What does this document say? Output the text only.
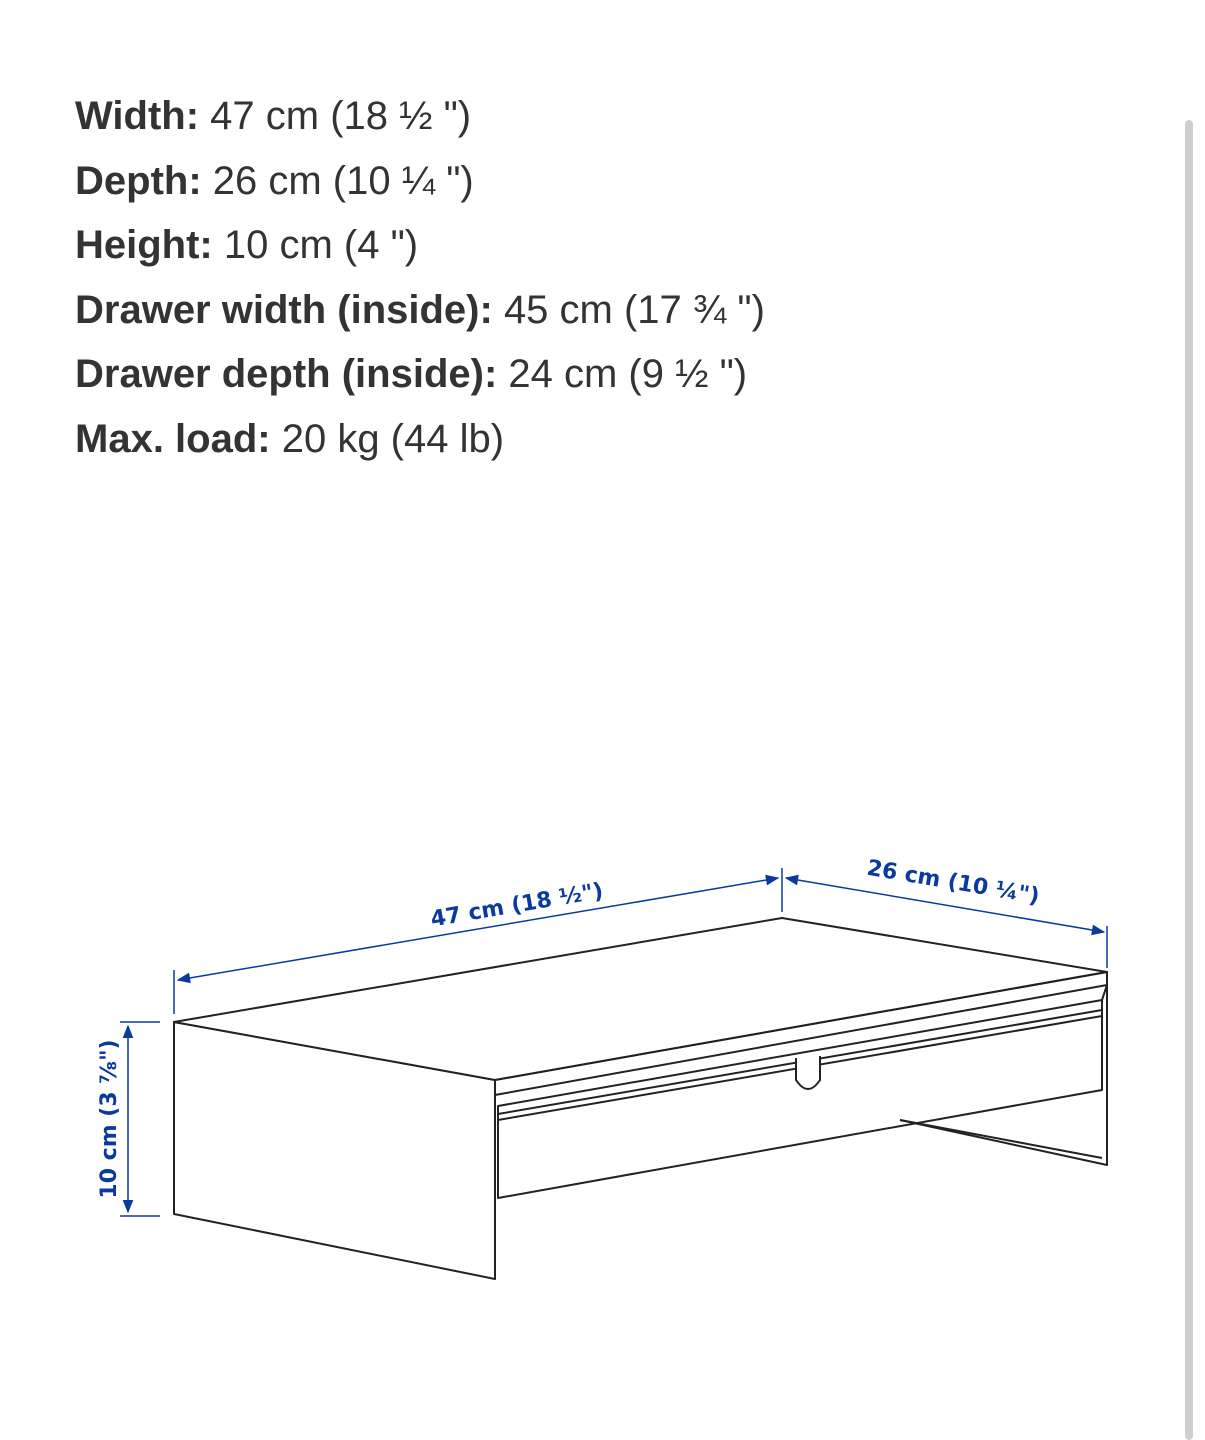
Width: 47 cm (18 ½ ")
Depth: 26 cm (10 ¼ ")
Height: 10 cm (4 ")
Drawer width (inside): 45 cm (17 ¾ ")
Drawer depth (inside): 24 cm (9 ½ ")
Max. load: 20 kg (44 lb)
47 cm (18 ½")	26 cm (10 ¼")
10 cm (3 ⅞")
